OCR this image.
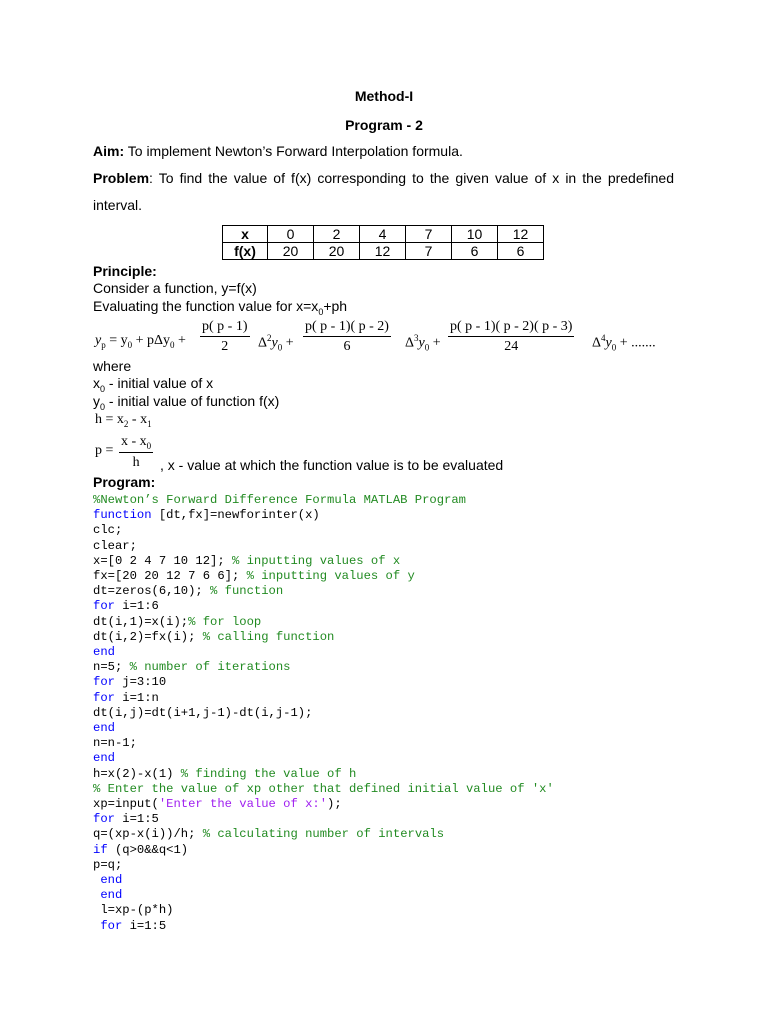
Method-I
Program - 2
Aim: To implement Newton’s Forward Interpolation formula.
Problem: To find the value of f(x) corresponding to the given value of x in the predefined interval.
x	0	2	4	7	10	12
f(x)	20	20	12	7	6	6
Principle:
Consider a function, y=f(x)
Evaluating the function value for $x=x_0+ph$
$y_p = y_0 + p\Delta y_0 + \frac{p( p - 1)}{2} \Delta^2y_0 + \frac{p( p - 1)( p - 2)}{6} \Delta^3y_0 + \frac{p( p - 1)( p - 2)( p - 3)}{24} \Delta^4y_0$ + .......
where
$x_0$ - initial value of x
$y_0$ - initial value of function f(x)
$h = x_2 - x_1$
$p = \frac{x - x_0}{h}$ , x - value at which the function value is to be evaluated
Program:
%Newton’s Forward Difference Formula MATLAB Program
function [dt,fx]=newforinter(x)
clc;
clear;
x=[0 2 4 7 10 12]; % inputting values of x
fx=[20 20 12 7 6 6]; % inputting values of y
dt=zeros(6,10); % function
for i=1:6
dt(i,1)=x(i);% for loop
dt(i,2)=fx(i); % calling function
end
n=5; % number of iterations
for j=3:10
for i=1:n
dt(i,j)=dt(i+1,j-1)-dt(i,j-1);
end
n=n-1;
end
h=x(2)-x(1) % finding the value of h
% Enter the value of xp other that defined initial value of 'x'
xp=input('Enter the value of x:');
for i=1:5
q=(xp-x(i))/h; % calculating number of intervals
if (q>0&&q<1)
p=q;
end
end
l=xp-(p*h)
for i=1:5
